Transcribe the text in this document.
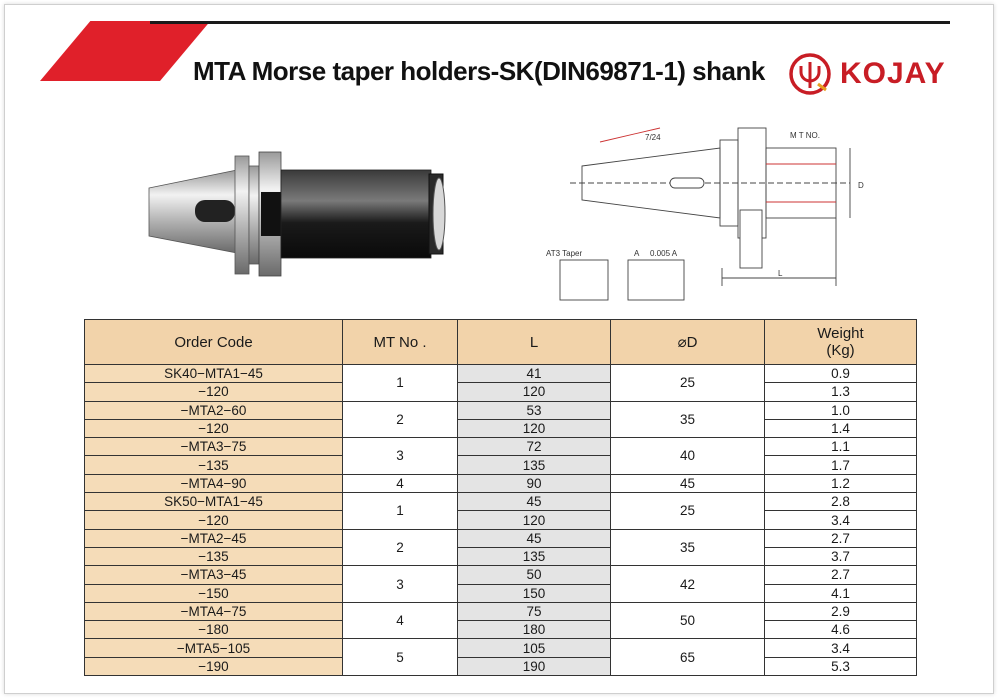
MTA Morse taper holders-SK(DIN69871-1) shank	KOJAY
7/24	M T NO.
D
L
AT3 Taper	A 0.005 A
Order Code	MT No .	L	⌀D	Weight
(Kg)

SK40−MTA1−45	1	41	25	0.9
−120		120		1.3
−MTA2−60	2	53	35	1.0
−120		120		1.4
−MTA3−75	3	72	40	1.1
−135		135		1.7
−MTA4−90	4	90	45	1.2
SK50−MTA1−45	1	45	25	2.8
−120		120		3.4
−MTA2−45	2	45	35	2.7
−135		135		3.7
−MTA3−45	3	50	42	2.7
−150		150		4.1
−MTA4−75	4	75	50	2.9
−180		180		4.6
−MTA5−105	5	105	65	3.4
−190		190		5.3
